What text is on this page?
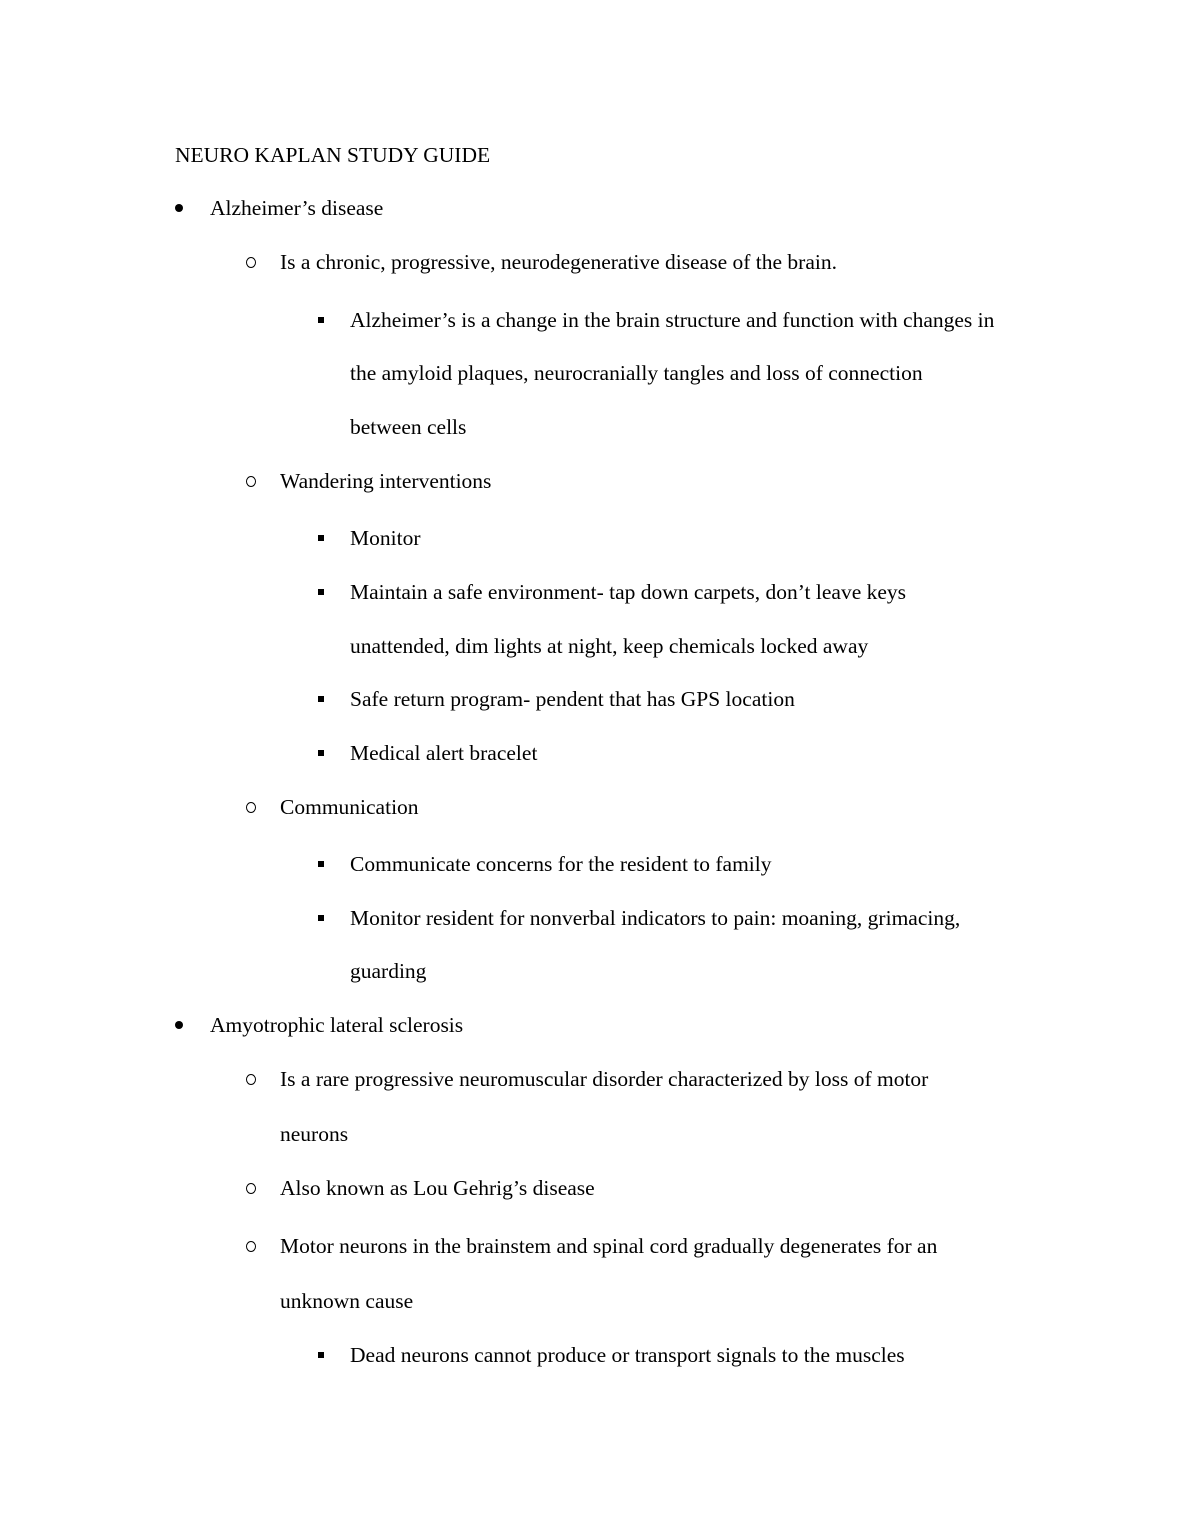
NEURO KAPLAN STUDY GUIDE
Alzheimer’s disease
Is a chronic, progressive, neurodegenerative disease of the brain.
Alzheimer’s is a change in the brain structure and function with changes in
the amyloid plaques, neurocranially tangles and loss of connection
between cells
Wandering interventions
Monitor
Maintain a safe environment- tap down carpets, don’t leave keys
unattended, dim lights at night, keep chemicals locked away
Safe return program- pendent that has GPS location
Medical alert bracelet
Communication
Communicate concerns for the resident to family
Monitor resident for nonverbal indicators to pain: moaning, grimacing,
guarding
Amyotrophic lateral sclerosis
Is a rare progressive neuromuscular disorder characterized by loss of motor
neurons
Also known as Lou Gehrig’s disease
Motor neurons in the brainstem and spinal cord gradually degenerates for an
unknown cause
Dead neurons cannot produce or transport signals to the muscles
